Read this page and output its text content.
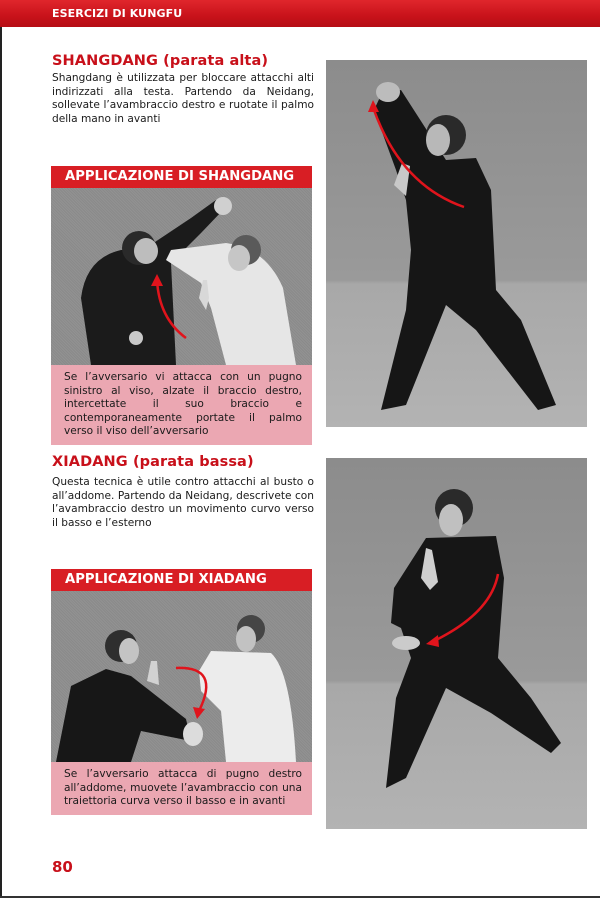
ESERCIZI DI KUNGFU
SHANGDANG (parata alta)
Shangdang è utilizzata per bloccare attacchi alti indirizzati alla testa. Partendo da Neidang, sollevate l’avambraccio destro e ruotate il palmo della mano in avanti
APPLICAZIONE DI SHANGDANG
Se l’avversario vi attacca con un pugno sinistro al viso, alzate il braccio destro, intercettate il suo braccio e contemporaneamente portate il palmo verso il viso dell’avversario
XIADANG (parata bassa)
Questa tecnica è utile contro attacchi al busto o all’addome. Partendo da Neidang, descrivete con l’avambraccio destro un movimento curvo verso il basso e l’esterno
APPLICAZIONE DI XIADANG
Se l’avversario attacca di pugno destro all’addome, muovete l’avambraccio con una traiettoria curva verso il basso e in avanti
80
